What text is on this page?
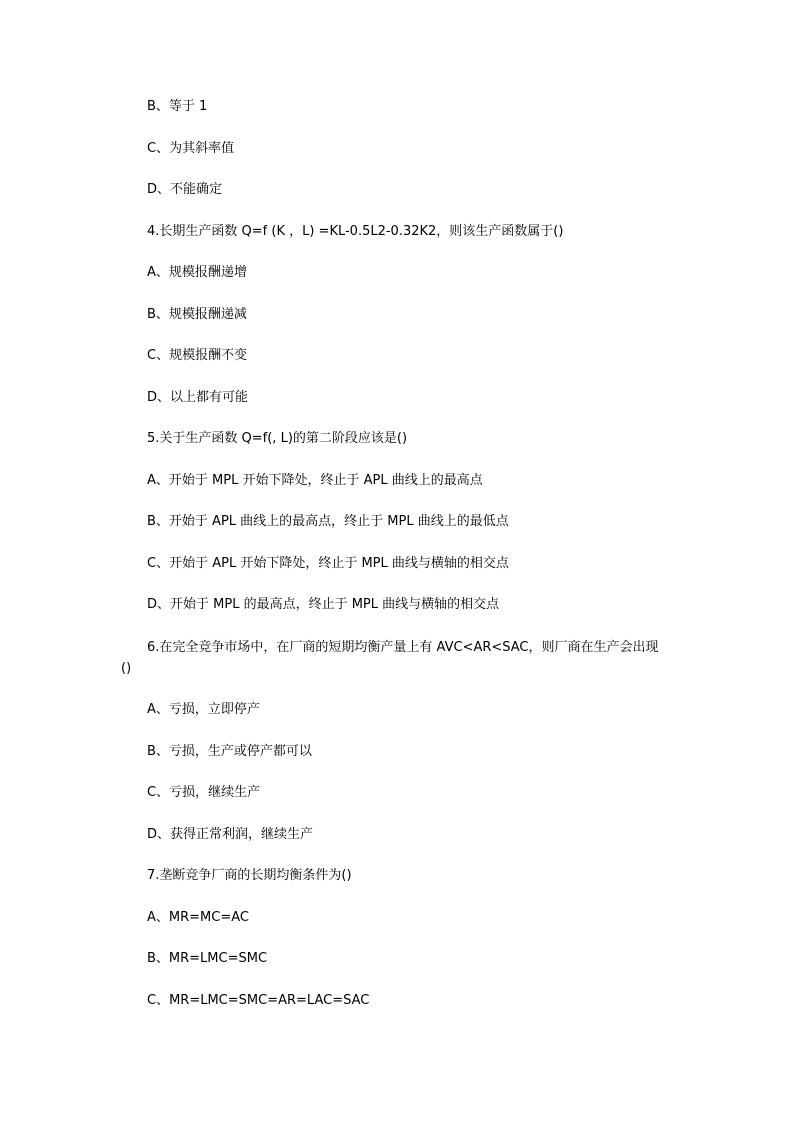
B、等于 1
C、为其斜率值
D、不能确定
4.长期生产函数 Q=f (K ，L) =KL-0.5L2-0.32K2，则该生产函数属于()
A、规模报酬递增
B、规模报酬递减
C、规模报酬不变
D、以上都有可能
5.关于生产函数 Q=f(, L)的第二阶段应该是()
A、开始于 MPL 开始下降处，终止于 APL 曲线上的最高点
B、开始于 APL 曲线上的最高点，终止于 MPL 曲线上的最低点
C、开始于 APL 开始下降处，终止于 MPL 曲线与横轴的相交点
D、开始于 MPL 的最高点，终止于 MPL 曲线与横轴的相交点
6.在完全竞争市场中，在厂商的短期均衡产量上有 AVC<AR<SAC，则厂商在生产会出现
()
A、亏损，立即停产
B、亏损，生产或停产都可以
C、亏损，继续生产
D、获得正常利润，继续生产
7.垄断竞争厂商的长期均衡条件为()
A、MR=MC=AC
B、MR=LMC=SMC
C、MR=LMC=SMC=AR=LAC=SAC
